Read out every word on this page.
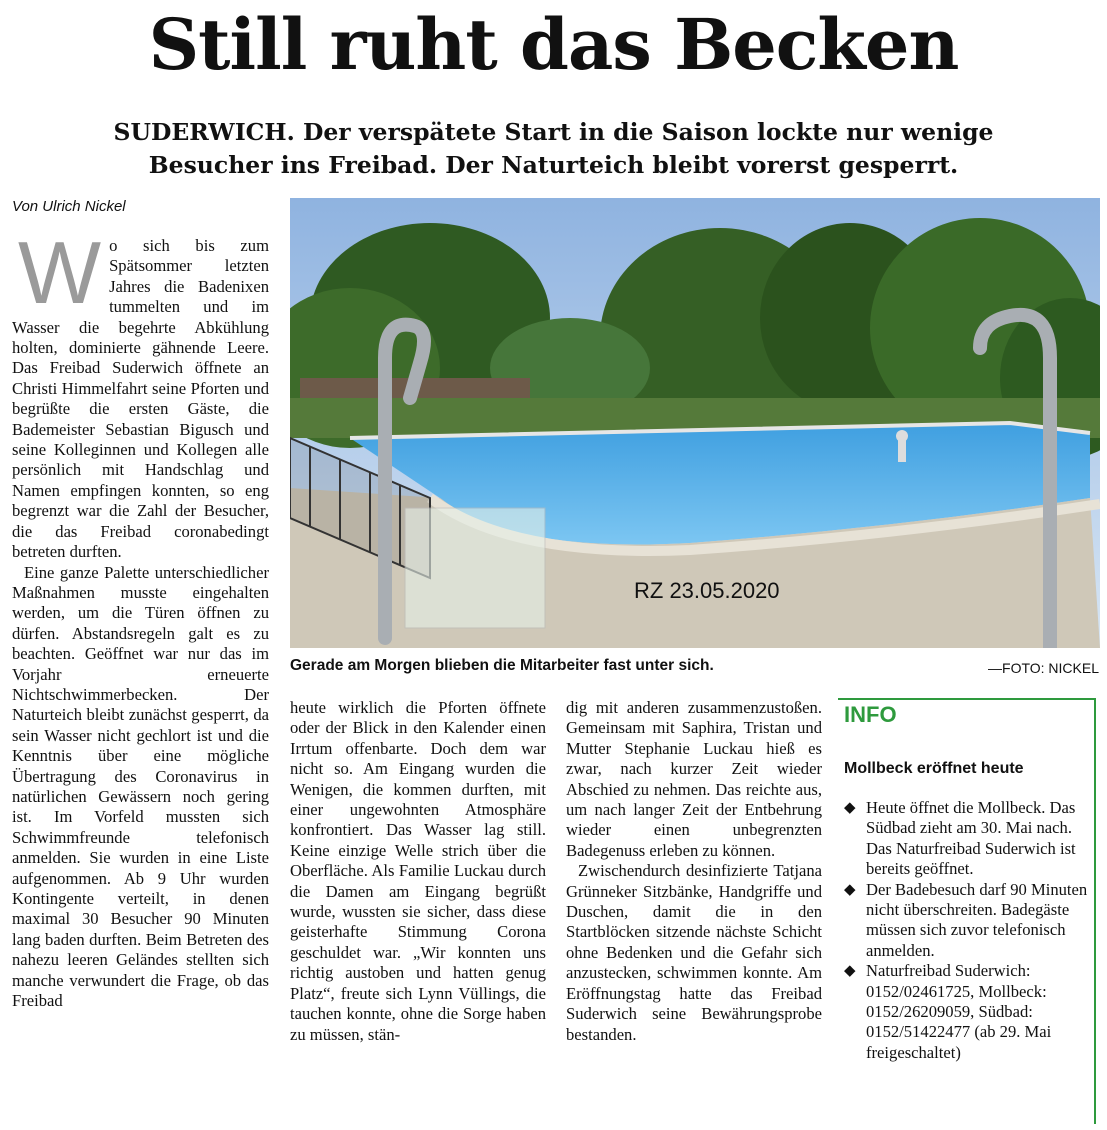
Still ruht das Becken
SUDERWICH. Der verspätete Start in die Saison lockte nur wenige
Besucher ins Freibad. Der Naturteich bleibt vorerst gesperrt.
Von Ulrich Nickel

Wo sich bis zum Spätsommer letzten Jahres die Badenixen tummelten und im Wasser die begehrte Abkühlung holten, dominierte gähnende Leere. Das Freibad Suderwich öffnete an Christi Himmelfahrt seine Pforten und begrüßte die ersten Gäste, die Bademeister Sebastian Bigusch und seine Kolleginnen und Kollegen alle persönlich mit Handschlag und Namen empfingen konnten, so eng begrenzt war die Zahl der Besucher, die das Freibad coronabedingt betreten durften.

Eine ganze Palette unterschiedlicher Maßnahmen musste eingehalten werden, um die Türen öffnen zu dürfen. Abstandsregeln galt es zu beachten. Geöffnet war nur das im Vorjahr erneuerte Nichtschwimmerbecken. Der Naturteich bleibt zunächst gesperrt, da sein Wasser nicht gechlort ist und die Kenntnis über eine mögliche Übertragung des Coronavirus in natürlichen Gewässern noch gering ist. Im Vorfeld mussten sich Schwimmfreunde telefonisch anmelden. Sie wurden in eine Liste aufgenommen. Ab 9 Uhr wurden Kontingente verteilt, in denen maximal 30 Besucher 90 Minuten lang baden durften. Beim Betreten des nahezu leeren Geländes stellten sich manche verwundert die Frage, ob das Freibad

RZ 23.05.2020
Gerade am Morgen blieben die Mitarbeiter fast unter sich.	—FOTO: NICKEL

heute wirklich die Pforten öffnete oder der Blick in den Kalender einen Irrtum offenbarte. Doch dem war nicht so. Am Eingang wurden die Wenigen, die kommen durften, mit einer ungewohnten Atmosphäre konfrontiert. Das Wasser lag still. Keine einzige Welle strich über die Oberfläche. Als Familie Luckau durch die Damen am Eingang begrüßt wurde, wussten sie sicher, dass diese geisterhafte Stimmung Corona geschuldet war. „Wir konnten uns richtig austoben und hatten genug Platz“, freute sich Lynn Vüllings, die tauchen konnte, ohne die Sorge haben zu müssen, stän-

dig mit anderen zusammenzustoßen. Gemeinsam mit Saphira, Tristan und Mutter Stephanie Luckau hieß es zwar, nach kurzer Zeit wieder Abschied zu nehmen. Das reichte aus, um nach langer Zeit der Entbehrung wieder einen unbegrenzten Badegenuss erleben zu können.

Zwischendurch desinfizierte Tatjana Grünneker Sitzbänke, Handgriffe und Duschen, damit die in den Startblöcken sitzende nächste Schicht ohne Bedenken und die Gefahr sich anzustecken, schwimmen konnte. Am Eröffnungstag hatte das Freibad Suderwich seine Bewährungsprobe bestanden.

INFO
Mollbeck eröffnet heute
◆ Heute öffnet die Mollbeck. Das Südbad zieht am 30. Mai nach. Das Naturfreibad Suderwich ist bereits geöffnet.
◆ Der Badebesuch darf 90 Minuten nicht überschreiten. Badegäste müssen sich zuvor telefonisch anmelden.
◆ Naturfreibad Suderwich: 0152/02461725, Mollbeck: 0152/26209059, Südbad: 0152/51422477 (ab 29. Mai freigeschaltet)
